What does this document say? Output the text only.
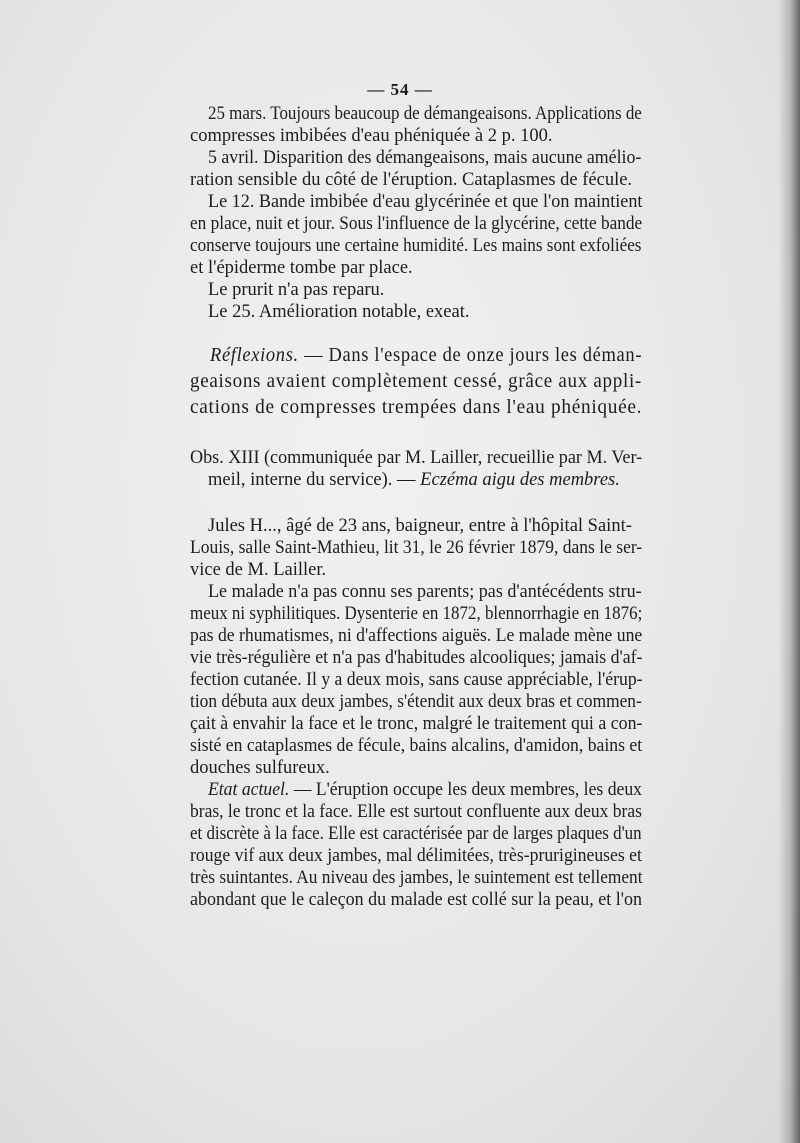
— 54 —
25 mars. Toujours beaucoup de démangeaisons. Applications de
compresses imbibées d'eau phéniquée à 2 p. 100.
5 avril. Disparition des démangeaisons, mais aucune amélio-
ration sensible du côté de l'éruption. Cataplasmes de fécule.
Le 12. Bande imbibée d'eau glycérinée et que l'on maintient
en place, nuit et jour. Sous l'influence de la glycérine, cette bande
conserve toujours une certaine humidité. Les mains sont exfoliées
et l'épiderme tombe par place.
Le prurit n'a pas reparu.
Le 25. Amélioration notable, exeat.
Réflexions. — Dans l'espace de onze jours les déman-
geaisons avaient complètement cessé, grâce aux appli-
cations de compresses trempées dans l'eau phéniquée.
Obs. XIII (communiquée par M. Lailler, recueillie par M. Ver-
meil, interne du service). — Eczéma aigu des membres.
Jules H..., âgé de 23 ans, baigneur, entre à l'hôpital Saint-
Louis, salle Saint-Mathieu, lit 31, le 26 février 1879, dans le ser-
vice de M. Lailler.
Le malade n'a pas connu ses parents; pas d'antécédents stru-
meux ni syphilitiques. Dysenterie en 1872, blennorrhagie en 1876;
pas de rhumatismes, ni d'affections aiguës. Le malade mène une
vie très-régulière et n'a pas d'habitudes alcooliques; jamais d'af-
fection cutanée. Il y a deux mois, sans cause appréciable, l'érup-
tion débuta aux deux jambes, s'étendit aux deux bras et commen-
çait à envahir la face et le tronc, malgré le traitement qui a con-
sisté en cataplasmes de fécule, bains alcalins, d'amidon, bains et
douches sulfureux.
Etat actuel. — L'éruption occupe les deux membres, les deux
bras, le tronc et la face. Elle est surtout confluente aux deux bras
et discrète à la face. Elle est caractérisée par de larges plaques d'un
rouge vif aux deux jambes, mal délimitées, très-prurigineuses et
très suintantes. Au niveau des jambes, le suintement est tellement
abondant que le caleçon du malade est collé sur la peau, et l'on
